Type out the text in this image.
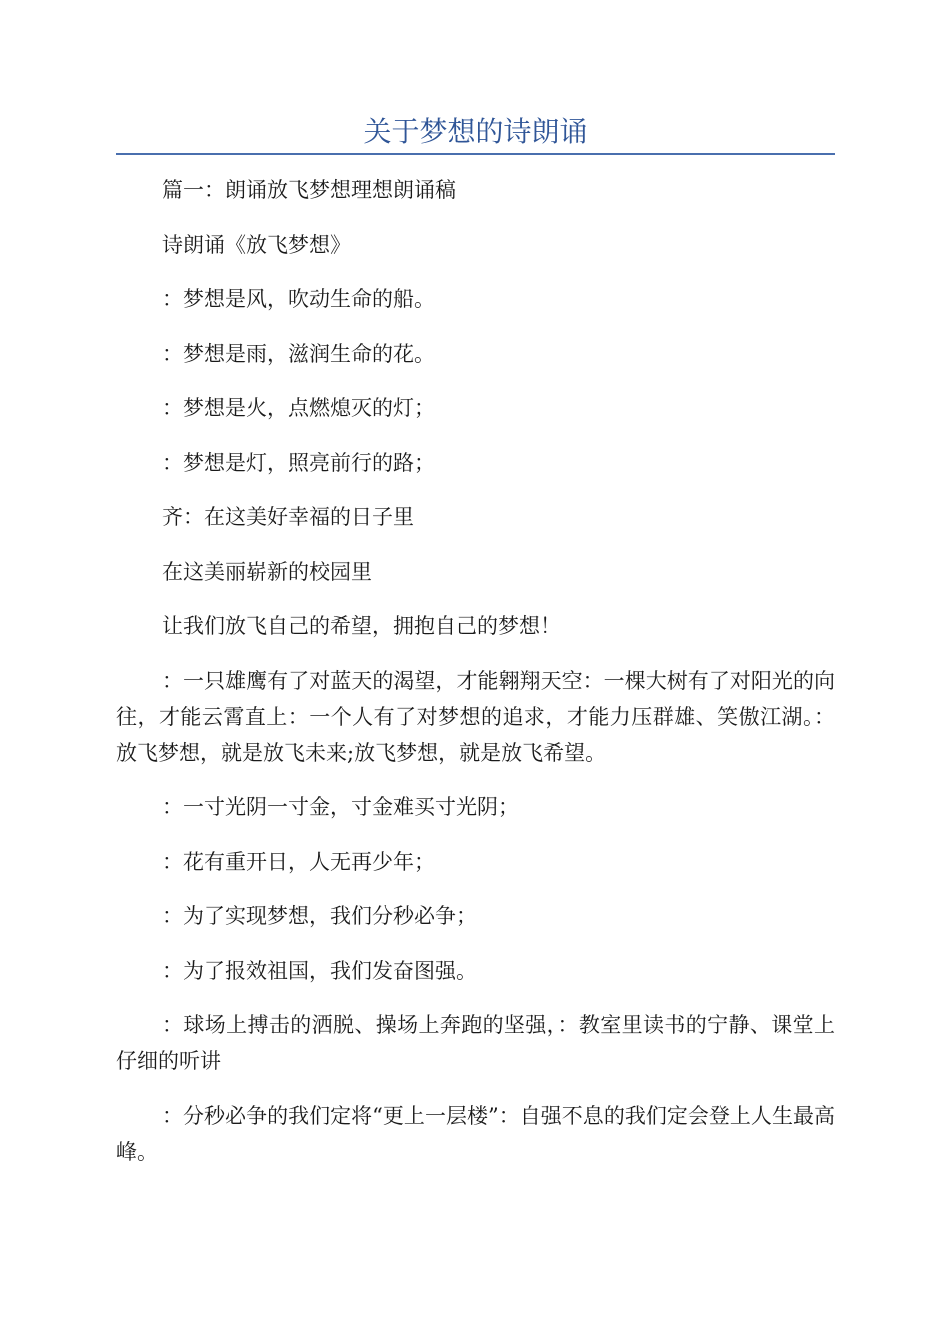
关于梦想的诗朗诵

篇一：朗诵放飞梦想理想朗诵稿

诗朗诵《放飞梦想》

：梦想是风，吹动生命的船。

：梦想是雨，滋润生命的花。

：梦想是火，点燃熄灭的灯；

：梦想是灯，照亮前行的路；

齐：在这美好幸福的日子里

在这美丽崭新的校园里

让我们放飞自己的希望，拥抱自己的梦想！

：一只雄鹰有了对蓝天的渴望，才能翱翔天空：一棵大树有了对阳光的向往，才能云霄直上：一个人有了对梦想的追求，才能力压群雄、笑傲江湖。：放飞梦想，就是放飞未来;放飞梦想，就是放飞希望。

：一寸光阴一寸金，寸金难买寸光阴；

：花有重开日，人无再少年；

：为了实现梦想，我们分秒必争；

：为了报效祖国，我们发奋图强。

：球场上搏击的洒脱、操场上奔跑的坚强，：教室里读书的宁静、课堂上仔细的听讲

：分秒必争的我们定将“更上一层楼”：自强不息的我们定会登上人生最高峰。
